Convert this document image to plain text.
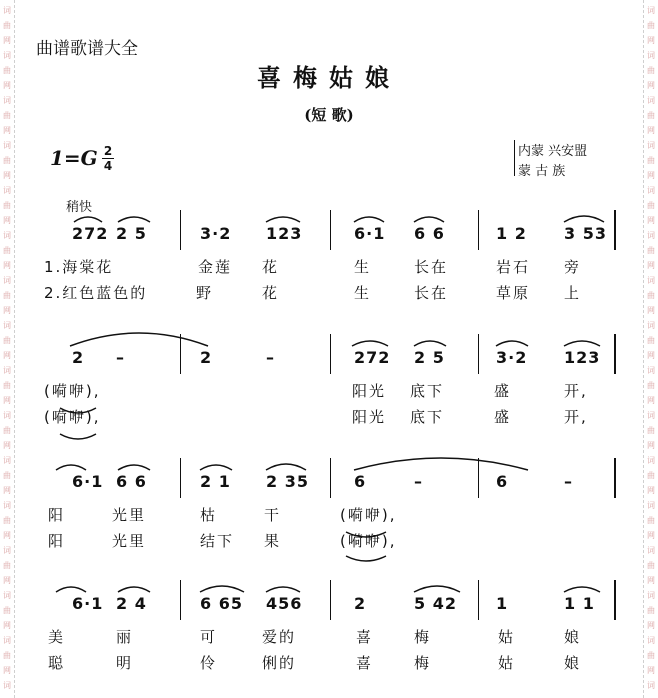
词
曲
网
词
曲
网
词
曲
网
词
曲
网
词
曲
网
词
曲
网
词
曲
网
词
曲
网
词
曲
网
词
曲
网
词
曲
网
词
曲
网
词
曲
网
词
曲
网
词
曲
网
词
词
曲
网
词
曲
网
词
曲
网
词
曲
网
词
曲
网
词
曲
网
词
曲
网
词
曲
网
词
曲
网
词
曲
网
词
曲
网
词
曲
网
词
曲
网
词
曲
网
词
曲
网
词
曲谱歌谱大全
喜梅姑娘
(短 歌)
1=G 2
4
内蒙 兴安盟
蒙 古 族
稍快
272 2 5	3·2 123	6·1 6 6	1 2 3 53
1.海棠花	金莲 花	生	长在	岩石 旁
2.红色蓝色的	野	花	生	长在	草原 上
2 –	2	–	272 2 5	3·2 123
(嗬咿),	阳光 底下	盛	开,
(嗬咿),	阳光 底下	盛	开,
6·1 6 6	2 1 2 35	6	–	6	–
阳	光里	枯	干	(嗬咿),
阳	光里	结下 果	(嗬咿),
6·1 2 4	6 65 456	2	5 42 1	1 1
美	丽	可	爱的	喜	梅	姑	娘
聪	明	伶	俐的	喜	梅	姑	娘
